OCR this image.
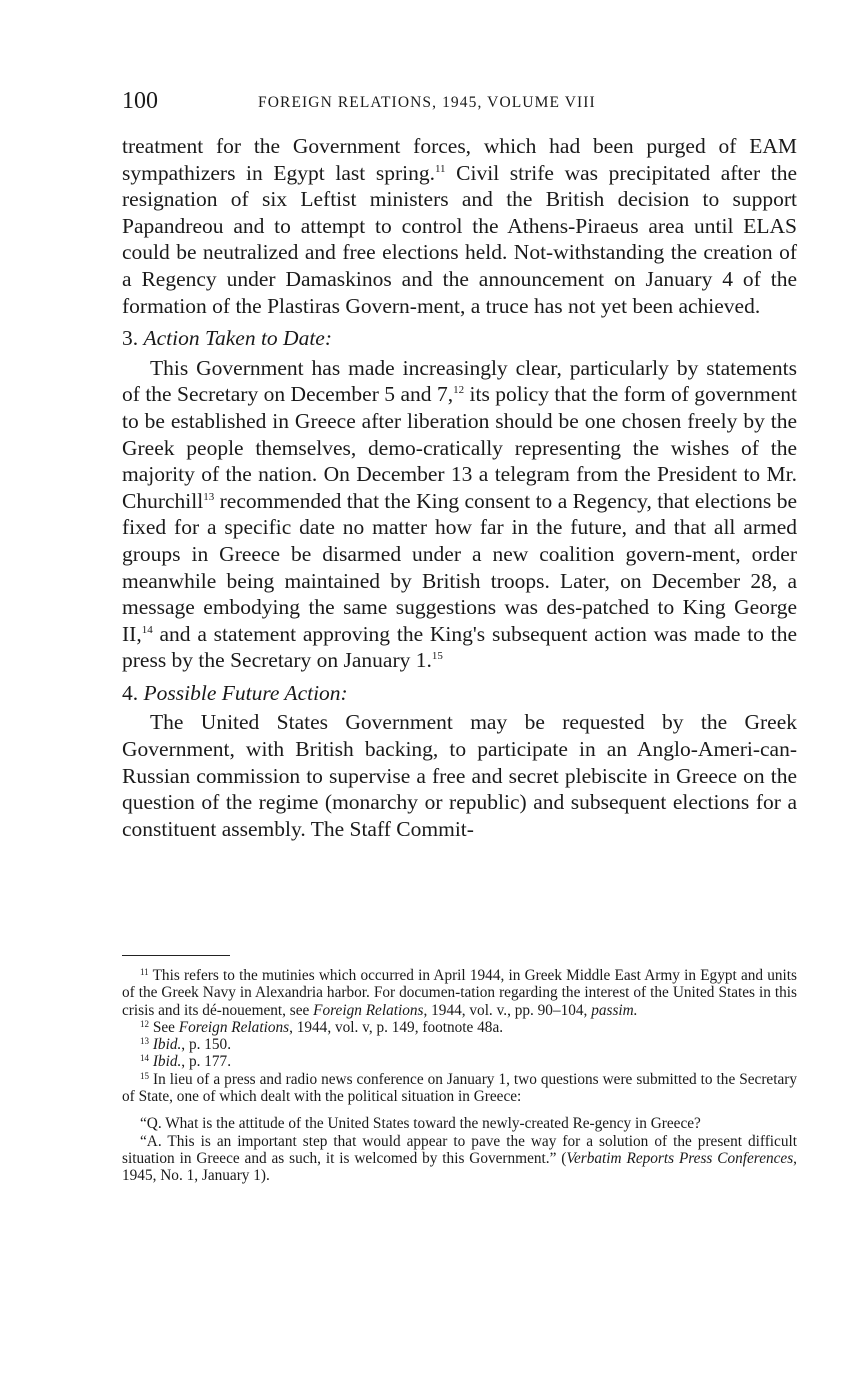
100	FOREIGN RELATIONS, 1945, VOLUME VIII

treatment for the Government forces, which had been purged of EAM sympathizers in Egypt last spring.$^{11}$ Civil strife was precipitated after the resignation of six Leftist ministers and the British decision to support Papandreou and to attempt to control the Athens-Piraeus area until ELAS could be neutralized and free elections held. Not-withstanding the creation of a Regency under Damaskinos and the announcement on January 4 of the formation of the Plastiras Govern-ment, a truce has not yet been achieved.

3. Action Taken to Date:

This Government has made increasingly clear, particularly by statements of the Secretary on December 5 and 7,12 its policy that the form of government to be established in Greece after liberation should be one chosen freely by the Greek people themselves, demo-cratically representing the wishes of the majority of the nation. On December 13 a telegram from the President to Mr. Churchill$^{13}$ recommended that the King consent to a Regency, that elections be fixed for a specific date no matter how far in the future, and that all armed groups in Greece be disarmed under a new coalition govern-ment, order meanwhile being maintained by British troops. Later, on December 28, a message embodying the same suggestions was des-patched to King George II,$^{14}$ and a statement approving the King's subsequent action was made to the press by the Secretary on January 1.15

4. Possible Future Action:

The United States Government may be requested by the Greek Government, with British backing, to participate in an Anglo-Ameri-can-Russian commission to supervise a free and secret plebiscite in Greece on the question of the regime (monarchy or republic) and subsequent elections for a constituent assembly. The Staff Commit-

$^{11}$ This refers to the mutinies which occurred in April 1944, in Greek Middle East Army in Egypt and units of the Greek Navy in Alexandria harbor. For documen-tation regarding the interest of the United States in this crisis and its dé-nouement, see Foreign Relations, 1944, vol. v., pp. 90–104, passim.

$^{12}$ See Foreign Relations, 1944, vol. v, p. 149, footnote 48a.

$^{13}$ Ibid., p. 150.

$^{14}$ Ibid., p. 177.

$^{15}$ In lieu of a press and radio news conference on January 1, two questions were submitted to the Secretary of State, one of which dealt with the political situation in Greece:

“Q. What is the attitude of the United States toward the newly-created Re-gency in Greece?

“A. This is an important step that would appear to pave the way for a solution of the present difficult situation in Greece and as such, it is welcomed by this Government.” (Verbatim Reports Press Conferences, 1945, No. 1, January 1).
